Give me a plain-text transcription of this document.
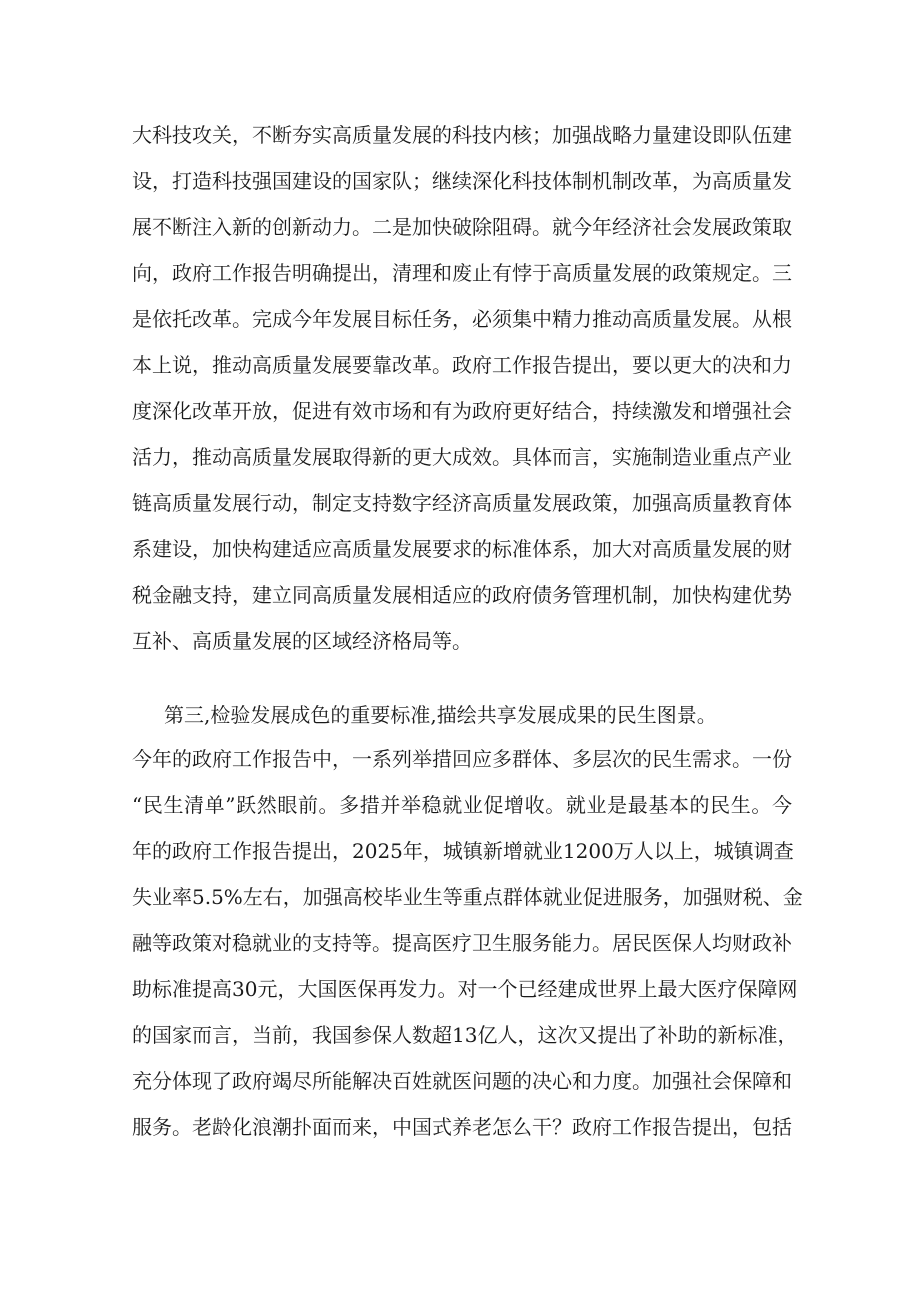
大科技攻关，不断夯实高质量发展的科技内核；加强战略力量建设即队伍建
设，打造科技强国建设的国家队；继续深化科技体制机制改革，为高质量发
展不断注入新的创新动力。二是加快破除阻碍。就今年经济社会发展政策取
向，政府工作报告明确提出，清理和废止有悖于高质量发展的政策规定。三
是依托改革。完成今年发展目标任务，必须集中精力推动高质量发展。从根
本上说，推动高质量发展要靠改革。政府工作报告提出，要以更大的决和力
度深化改革开放，促进有效市场和有为政府更好结合，持续激发和增强社会
活力，推动高质量发展取得新的更大成效。具体而言，实施制造业重点产业
链高质量发展行动，制定支持数字经济高质量发展政策，加强高质量教育体
系建设，加快构建适应高质量发展要求的标准体系，加大对高质量发展的财
税金融支持，建立同高质量发展相适应的政府债务管理机制，加快构建优势
互补、高质量发展的区域经济格局等。
第三,检验发展成色的重要标准,描绘共享发展成果的民生图景。
今年的政府工作报告中，一系列举措回应多群体、多层次的民生需求。一份
“民生清单”跃然眼前。多措并举稳就业促增收。就业是最基本的民生。今
年的政府工作报告提出，2025年，城镇新增就业1200万人以上，城镇调查
失业率5.5%左右，加强高校毕业生等重点群体就业促进服务，加强财税、金
融等政策对稳就业的支持等。提高医疗卫生服务能力。居民医保人均财政补
助标准提高30元，大国医保再发力。对一个已经建成世界上最大医疗保障网
的国家而言，当前，我国参保人数超13亿人，这次又提出了补助的新标准，
充分体现了政府竭尽所能解决百姓就医问题的决心和力度。加强社会保障和
服务。老龄化浪潮扑面而来，中国式养老怎么干？政府工作报告提出，包括
